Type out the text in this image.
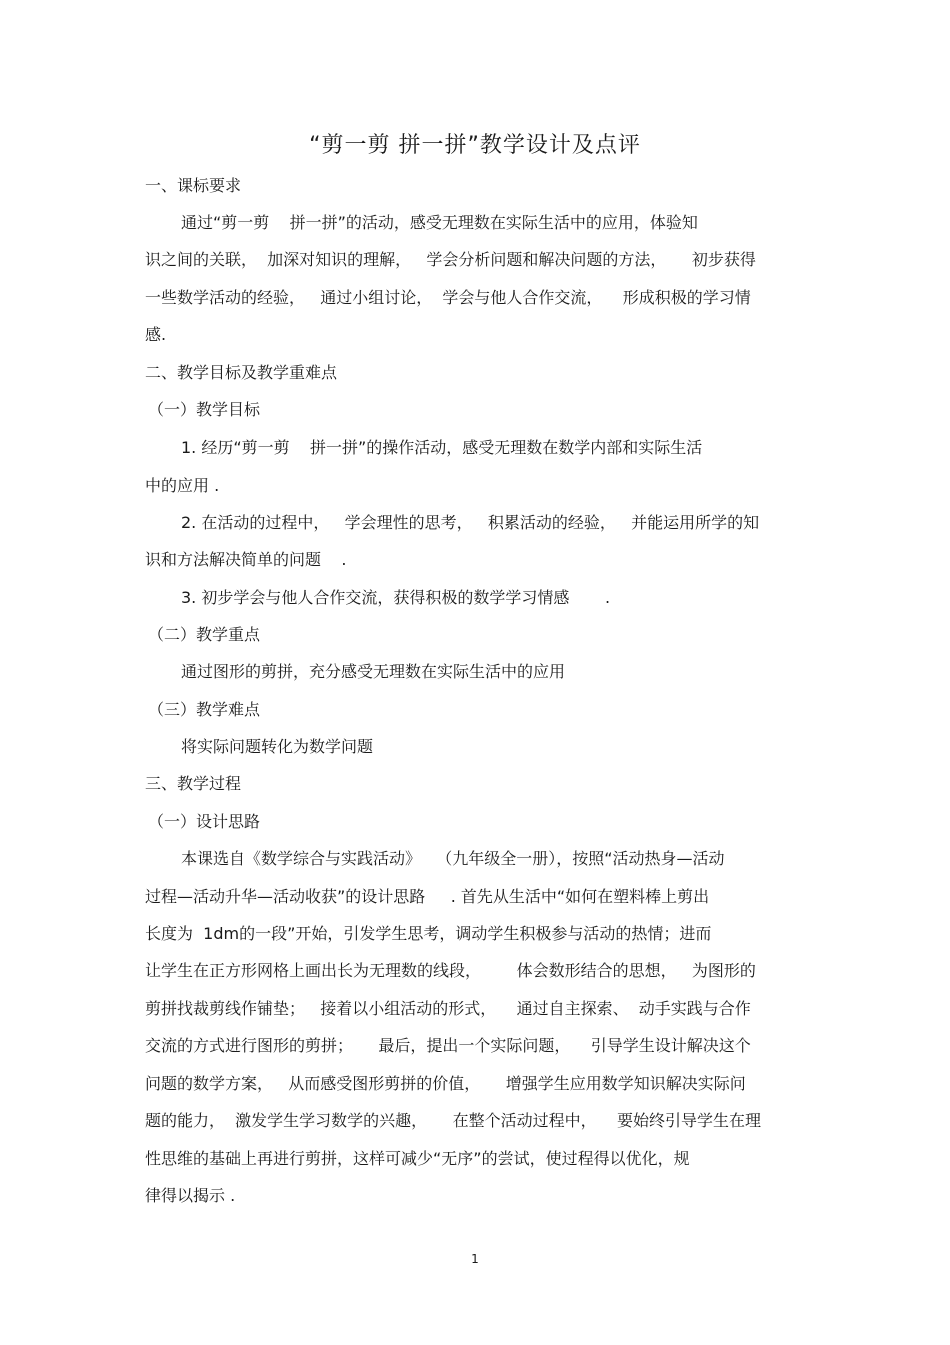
“剪一剪 拼一拼”教学设计及点评
一、课标要求
通过“剪一剪    拼一拼”的活动，感受无理数在实际生活中的应用，体验知
识之间的关联，  加深对知识的理解，   学会分析问题和解决问题的方法，     初步获得
一些数学活动的经验，   通过小组讨论，  学会与他人合作交流，    形成积极的学习情
感.
二、教学目标及教学重难点
（一）教学目标
1. 经历“剪一剪    拼一拼”的操作活动，感受无理数在数学内部和实际生活
中的应用 .
2. 在活动的过程中，   学会理性的思考，   积累活动的经验，   并能运用所学的知
识和方法解决简单的问题    .
3. 初步学会与他人合作交流，获得积极的数学学习情感       .
（二）教学重点
通过图形的剪拼，充分感受无理数在实际生活中的应用
（三）教学难点
将实际问题转化为数学问题
三、教学过程
（一）设计思路
本课选自《数学综合与实践活动》   （九年级全一册），按照“活动热身—活动
过程—活动升华—活动收获”的设计思路     . 首先从生活中“如何在塑料棒上剪出
长度为  1dm的一段”开始，引发学生思考，调动学生积极参与活动的热情；进而
让学生在正方形网格上画出长为无理数的线段，       体会数形结合的思想，   为图形的
剪拼找裁剪线作铺垫；   接着以小组活动的形式，    通过自主探索、  动手实践与合作
交流的方式进行图形的剪拼；     最后，提出一个实际问题，    引导学生设计解决这个
问题的数学方案，   从而感受图形剪拼的价值，     增强学生应用数学知识解决实际问
题的能力，  激发学生学习数学的兴趣，     在整个活动过程中，    要始终引导学生在理
性思维的基础上再进行剪拼，这样可减少“无序”的尝试，使过程得以优化，规
律得以揭示 .
1
